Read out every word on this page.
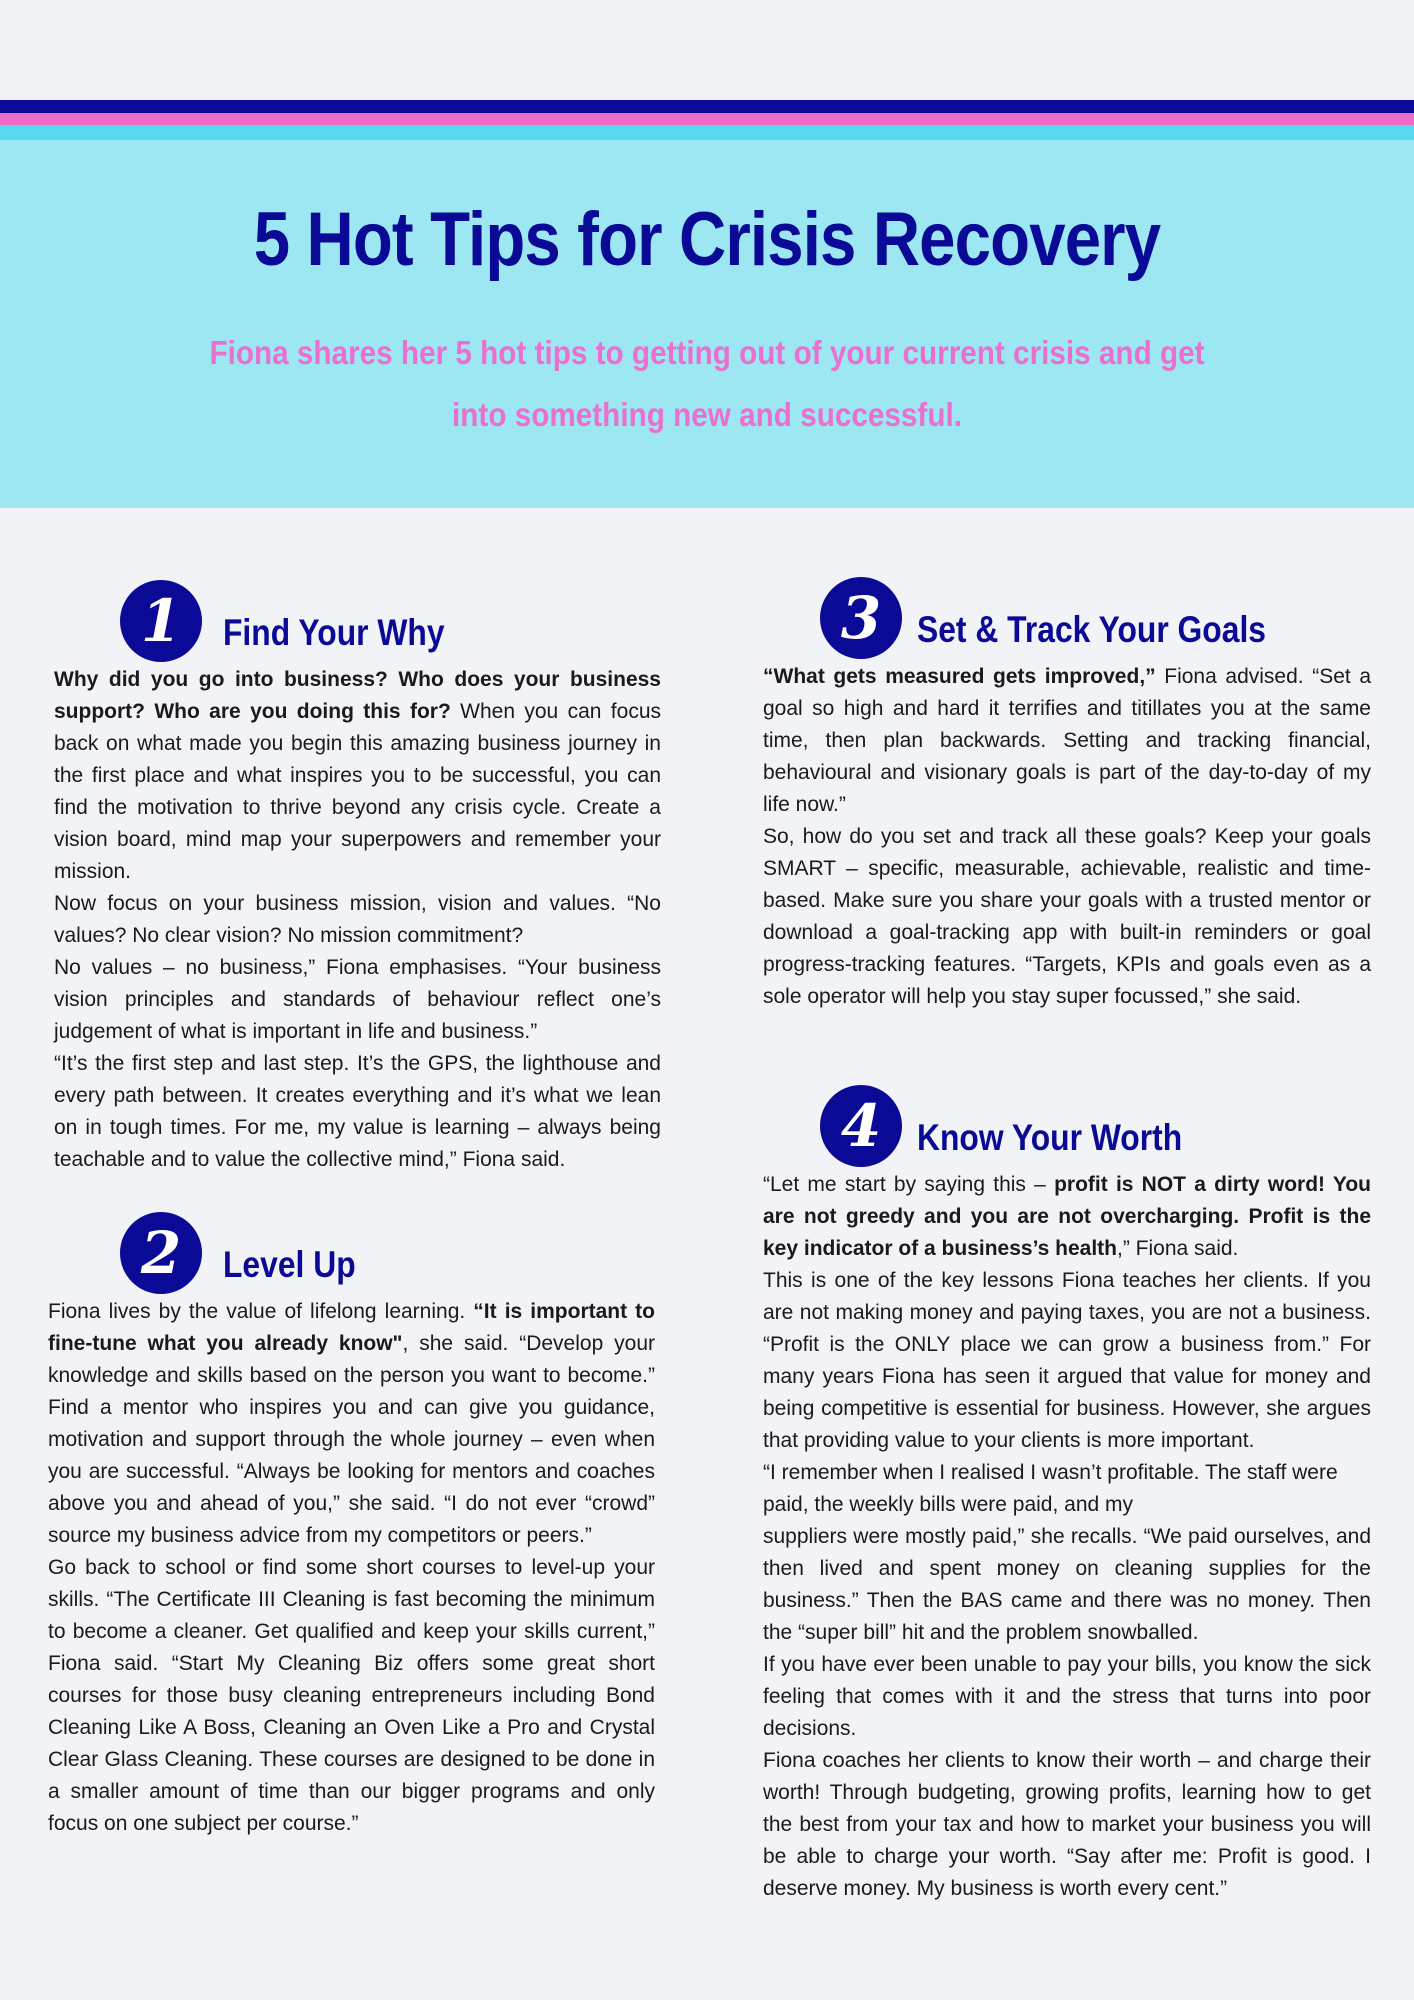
5 Hot Tips for Crisis Recovery

Fiona shares her 5 hot tips to getting out of your current crisis and get into something new and successful.

1	Find Your Why

Why did you go into business? Who does your business support? Who are you doing this for? When you can focus back on what made you begin this amazing business journey in the first place and what inspires you to be successful, you can find the motivation to thrive beyond any crisis cycle. Create a vision board, mind map your superpowers and remember your mission.

Now focus on your business mission, vision and values. “No values? No clear vision? No mission commitment?

No values – no business,” Fiona emphasises. “Your business vision principles and standards of behaviour reflect one’s judgement of what is important in life and business.”

“It’s the first step and last step. It’s the GPS, the lighthouse and every path between. It creates everything and it’s what we lean on in tough times. For me, my value is learning – always being teachable and to value the collective mind,” Fiona said.

2	Level Up

Fiona lives by the value of lifelong learning. “It is important to fine-tune what you already know", she said. “Develop your knowledge and skills based on the person you want to become.” Find a mentor who inspires you and can give you guidance, motivation and support through the whole journey – even when you are successful. “Always be looking for mentors and coaches above you and ahead of you,” she said. “I do not ever “crowd” source my business advice from my competitors or peers.”

Go back to school or find some short courses to level-up your skills. “The Certificate III Cleaning is fast becoming the minimum to become a cleaner. Get qualified and keep your skills current,” Fiona said. “Start My Cleaning Biz offers some great short courses for those busy cleaning entrepreneurs including Bond Cleaning Like A Boss, Cleaning an Oven Like a Pro and Crystal Clear Glass Cleaning. These courses are designed to be done in a smaller amount of time than our bigger programs and only focus on one subject per course.”

3 Set & Track Your Goals

“What gets measured gets improved,” Fiona advised. “Set a goal so high and hard it terrifies and titillates you at the same time, then plan backwards. Setting and tracking financial, behavioural and visionary goals is part of the day-to-day of my life now.”

So, how do you set and track all these goals? Keep your goals SMART – specific, measurable, achievable, realistic and time-based. Make sure you share your goals with a trusted mentor or download a goal-tracking app with built-in reminders or goal progress-tracking features. “Targets, KPIs and goals even as a sole operator will help you stay super focussed,” she said.

4 Know Your Worth

“Let me start by saying this – profit is NOT a dirty word! You are not greedy and you are not overcharging. Profit is the key indicator of a business’s health,” Fiona said.

This is one of the key lessons Fiona teaches her clients. If you are not making money and paying taxes, you are not a business. “Profit is the ONLY place we can grow a business from.” For many years Fiona has seen it argued that value for money and being competitive is essential for business. However, she argues that providing value to your clients is more important.

“I remember when I realised I wasn’t profitable. The staff were paid, the weekly bills were paid, and my

suppliers were mostly paid,” she recalls. “We paid ourselves, and then lived and spent money on cleaning supplies for the business.” Then the BAS came and there was no money. Then the “super bill” hit and the problem snowballed.

If you have ever been unable to pay your bills, you know the sick feeling that comes with it and the stress that turns into poor decisions.

Fiona coaches her clients to know their worth – and charge their worth! Through budgeting, growing profits, learning how to get the best from your tax and how to market your business you will be able to charge your worth. “Say after me: Profit is good. I deserve money. My business is worth every cent.”
